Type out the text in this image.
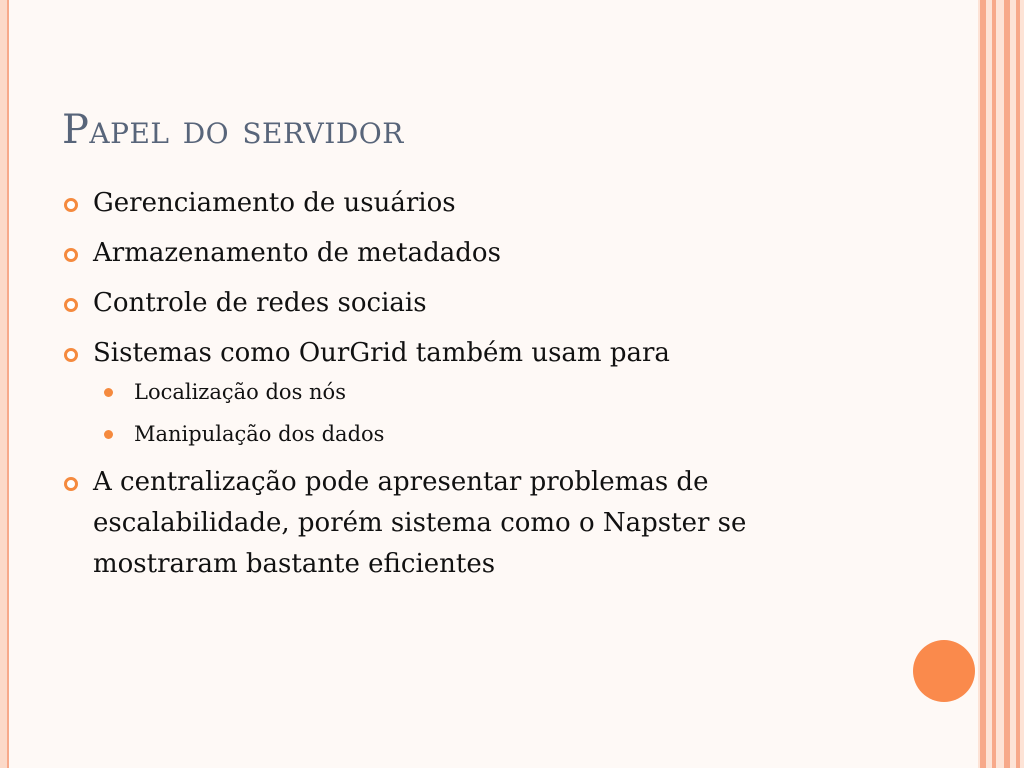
Papel do servidor
Gerenciamento de usuários
Armazenamento de metadados
Controle de redes sociais
Sistemas como OurGrid também usam para
Localização dos nós
Manipulação dos dados
A centralização pode apresentar problemas de escalabilidade, porém sistema como o Napster se mostraram bastante eficientes
